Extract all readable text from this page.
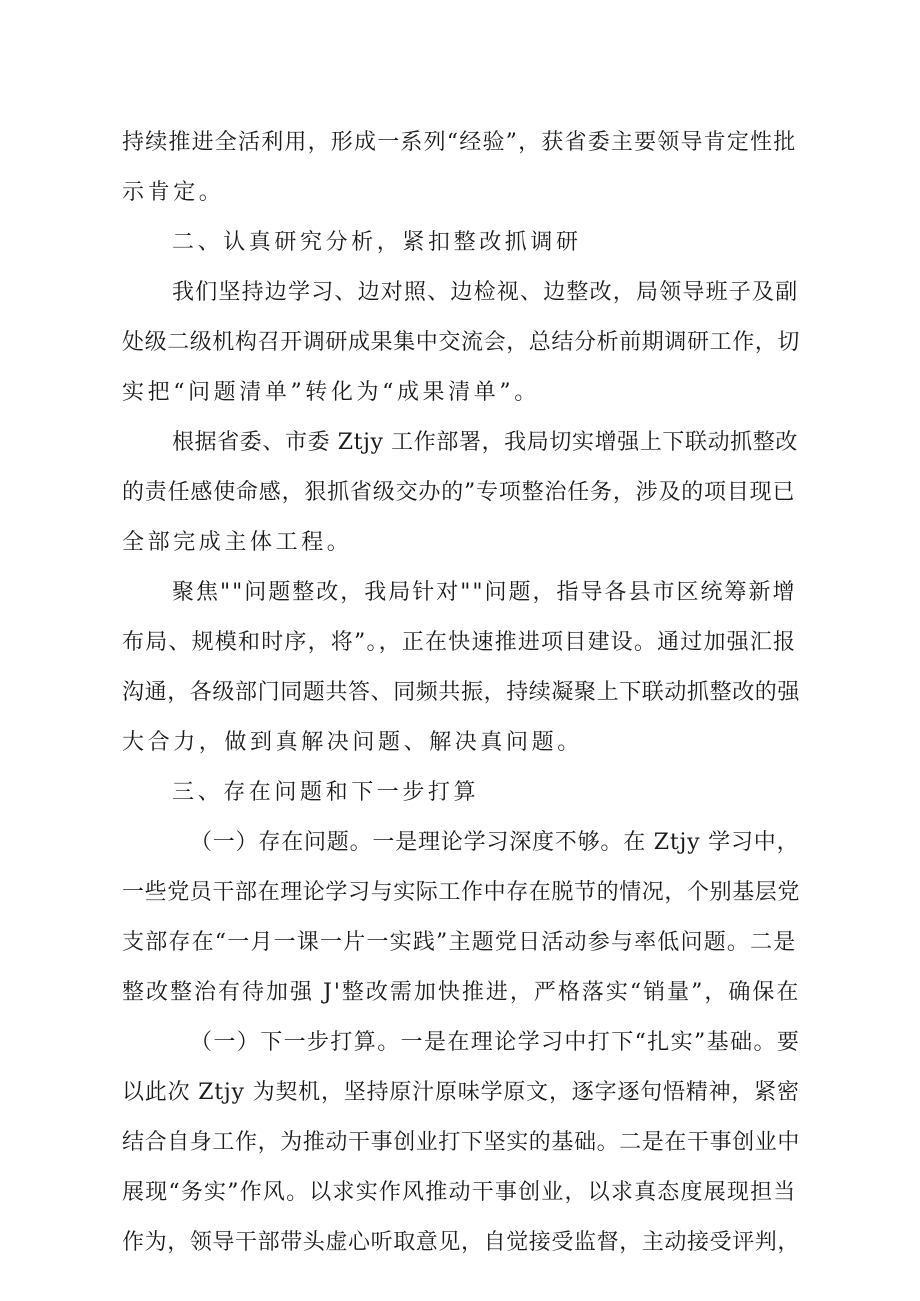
持续推进全活利用，形成一系列“经验”，获省委主要领导肯定性批
示肯定。
二、认真研究分析，紧扣整改抓调研
我们坚持边学习、边对照、边检视、边整改，局领导班子及副
处级二级机构召开调研成果集中交流会，总结分析前期调研工作，切
实把“问题清单”转化为“成果清单”。
根据省委、市委 Ztjy 工作部署，我局切实增强上下联动抓整改
的责任感使命感，狠抓省级交办的”专项整治任务，涉及的项目现已
全部完成主体工程。
聚焦""问题整改，我局针对""问题，指导各县市区统筹新增
布局、规模和时序，将”。，正在快速推进项目建设。通过加强汇报
沟通，各级部门同题共答、同频共振，持续凝聚上下联动抓整改的强
大合力，做到真解决问题、解决真问题。
三、存在问题和下一步打算
（一）存在问题。一是理论学习深度不够。在 Ztjy 学习中，
一些党员干部在理论学习与实际工作中存在脱节的情况，个别基层党
支部存在“一月一课一片一实践”主题党日活动参与率低问题。二是
整改整治有待加强 J'整改需加快推进，严格落实“销量”，确保在
（一）下一步打算。一是在理论学习中打下“扎实”基础。要
以此次 Ztjy 为契机，坚持原汁原味学原文，逐字逐句悟精神，紧密
结合自身工作，为推动干事创业打下坚实的基础。二是在干事创业中
展现“务实”作风。以求实作风推动干事创业，以求真态度展现担当
作为，领导干部带头虚心听取意见，自觉接受监督，主动接受评判，
